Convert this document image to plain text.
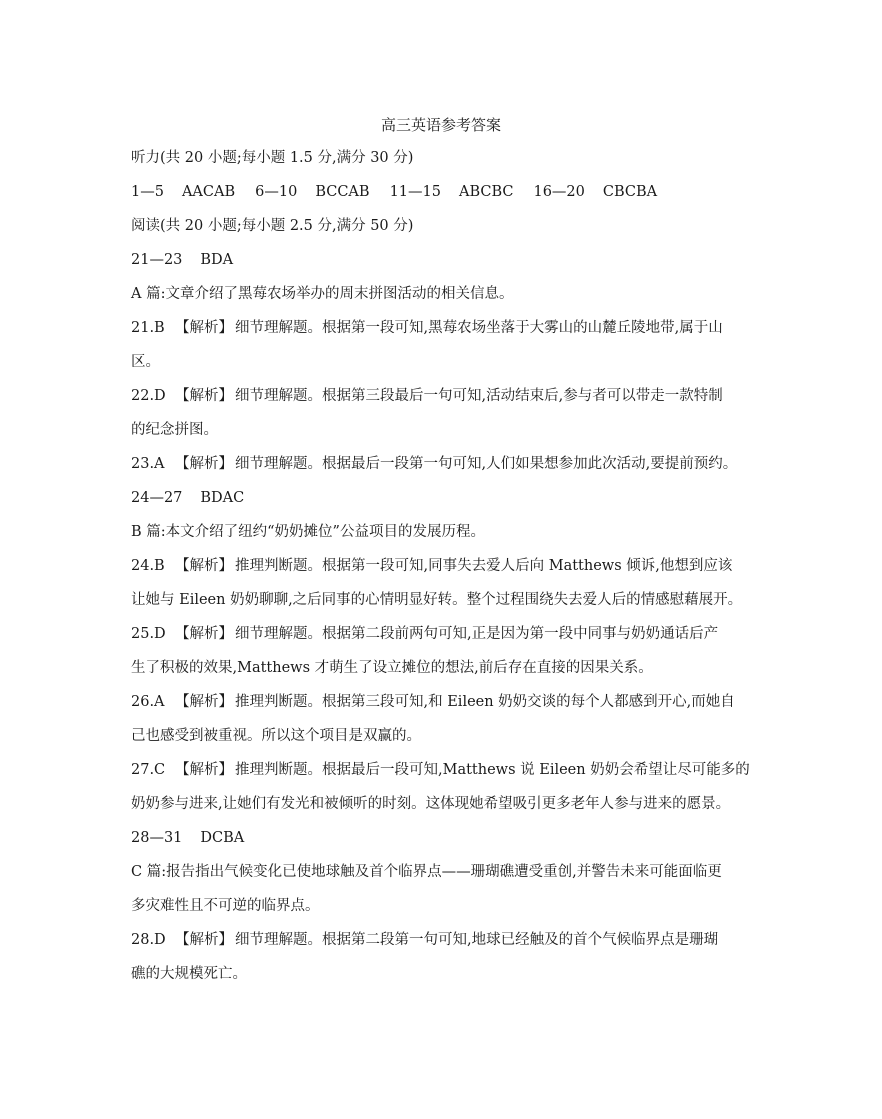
高三英语参考答案
听力(共 20 小题;每小题 1.5 分,满分 30 分)
1—5 AACAB 6—10 BCCAB 11—15 ABCBC 16—20 CBCBA
阅读(共 20 小题;每小题 2.5 分,满分 50 分)
21—23 BDA
A 篇:文章介绍了黑莓农场举办的周末拼图活动的相关信息。
21.B 【解析】 细节理解题。根据第一段可知,黑莓农场坐落于大雾山的山麓丘陵地带,属于山
区。
22.D 【解析】 细节理解题。根据第三段最后一句可知,活动结束后,参与者可以带走一款特制
的纪念拼图。
23.A 【解析】 细节理解题。根据最后一段第一句可知,人们如果想参加此次活动,要提前预约。
24—27 BDAC
B 篇:本文介绍了纽约“奶奶摊位”公益项目的发展历程。
24.B 【解析】 推理判断题。根据第一段可知,同事失去爱人后向 Matthews 倾诉,他想到应该
让她与 Eileen 奶奶聊聊,之后同事的心情明显好转。整个过程围绕失去爱人后的情感慰藉展开。
25.D 【解析】 细节理解题。根据第二段前两句可知,正是因为第一段中同事与奶奶通话后产
生了积极的效果,Matthews 才萌生了设立摊位的想法,前后存在直接的因果关系。
26.A 【解析】 推理判断题。根据第三段可知,和 Eileen 奶奶交谈的每个人都感到开心,而她自
己也感受到被重视。所以这个项目是双赢的。
27.C 【解析】 推理判断题。根据最后一段可知,Matthews 说 Eileen 奶奶会希望让尽可能多的
奶奶参与进来,让她们有发光和被倾听的时刻。这体现她希望吸引更多老年人参与进来的愿景。
28—31 DCBA
C 篇:报告指出气候变化已使地球触及首个临界点——珊瑚礁遭受重创,并警告未来可能面临更
多灾难性且不可逆的临界点。
28.D 【解析】 细节理解题。根据第二段第一句可知,地球已经触及的首个气候临界点是珊瑚
礁的大规模死亡。
